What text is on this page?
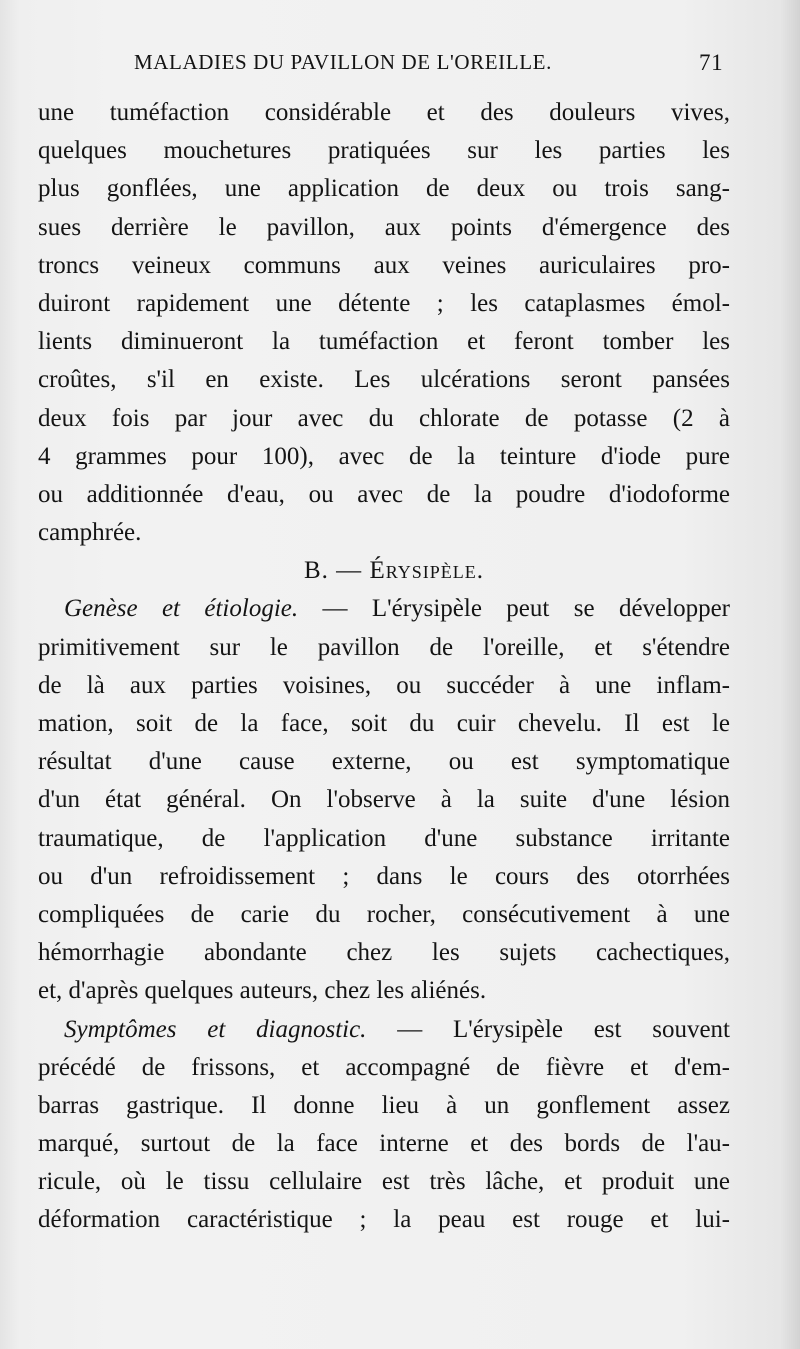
MALADIES DU PAVILLON DE L'OREILLE.	71
une tuméfaction considérable et des douleurs vives,
quelques mouchetures pratiquées sur les parties les
plus gonflées, une application de deux ou trois sang-
sues derrière le pavillon, aux points d'émergence des
troncs veineux communs aux veines auriculaires pro-
duiront rapidement une détente ; les cataplasmes émol-
lients diminueront la tuméfaction et feront tomber les
croûtes, s'il en existe. Les ulcérations seront pansées
deux fois par jour avec du chlorate de potasse (2 à
4 grammes pour 100), avec de la teinture d'iode pure
ou additionnée d'eau, ou avec de la poudre d'iodoforme
camphrée.
B. — Érysipèle.
Genèse et étiologie. — L'érysipèle peut se développer
primitivement sur le pavillon de l'oreille, et s'étendre
de là aux parties voisines, ou succéder à une inflam-
mation, soit de la face, soit du cuir chevelu. Il est le
résultat d'une cause externe, ou est symptomatique
d'un état général. On l'observe à la suite d'une lésion
traumatique, de l'application d'une substance irritante
ou d'un refroidissement ; dans le cours des otorrhées
compliquées de carie du rocher, consécutivement à une
hémorrhagie abondante chez les sujets cachectiques,
et, d'après quelques auteurs, chez les aliénés.
Symptômes et diagnostic. — L'érysipèle est souvent
précédé de frissons, et accompagné de fièvre et d'em-
barras gastrique. Il donne lieu à un gonflement assez
marqué, surtout de la face interne et des bords de l'au-
ricule, où le tissu cellulaire est très lâche, et produit une
déformation caractéristique ; la peau est rouge et lui-
